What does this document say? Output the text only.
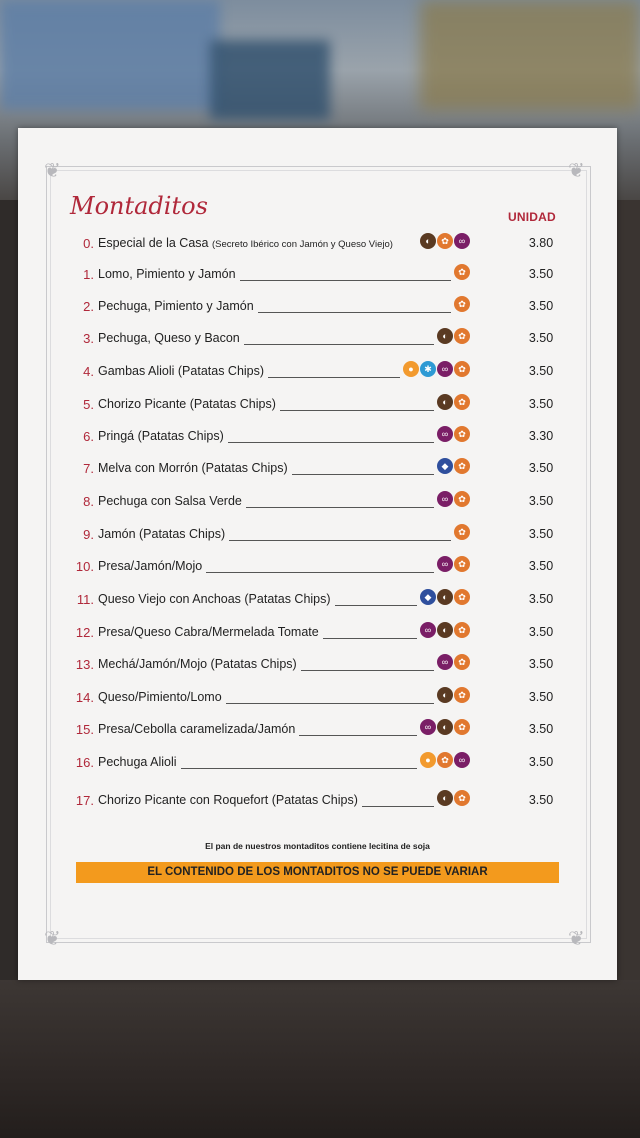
❦	❦
❦	❦
Montaditos	UNIDAD
0. Especial de la Casa (Secreto Ibérico con Jamón y Queso Viejo)	◐	✿	∞	3.80
1. Lomo, Pimiento y Jamón	✿	3.50
2. Pechuga, Pimiento y Jamón	✿	3.50
3. Pechuga, Queso y Bacon	◐	✿	3.50
4. Gambas Alioli (Patatas Chips)	●	✱	∞	✿	3.50
5. Chorizo Picante (Patatas Chips)	◐	✿	3.50
6. Pringá (Patatas Chips)	∞	✿	3.30
7. Melva con Morrón (Patatas Chips)	◆	✿	3.50
8. Pechuga con Salsa Verde	∞	✿	3.50
9. Jamón (Patatas Chips)	✿	3.50
10. Presa/Jamón/Mojo	∞	✿	3.50
11. Queso Viejo con Anchoas (Patatas Chips)	◆	◐	✿	3.50
12. Presa/Queso Cabra/Mermelada Tomate	∞	◐	✿	3.50
13. Mechá/Jamón/Mojo (Patatas Chips)	∞	✿	3.50
14. Queso/Pimiento/Lomo	◐	✿	3.50
15. Presa/Cebolla caramelizada/Jamón	∞	◐	✿	3.50
16. Pechuga Alioli	●	✿	∞	3.50
17. Chorizo Picante con Roquefort (Patatas Chips)	◐	✿	3.50
El pan de nuestros montaditos contiene lecitina de soja
EL CONTENIDO DE LOS MONTADITOS NO SE PUEDE VARIAR
